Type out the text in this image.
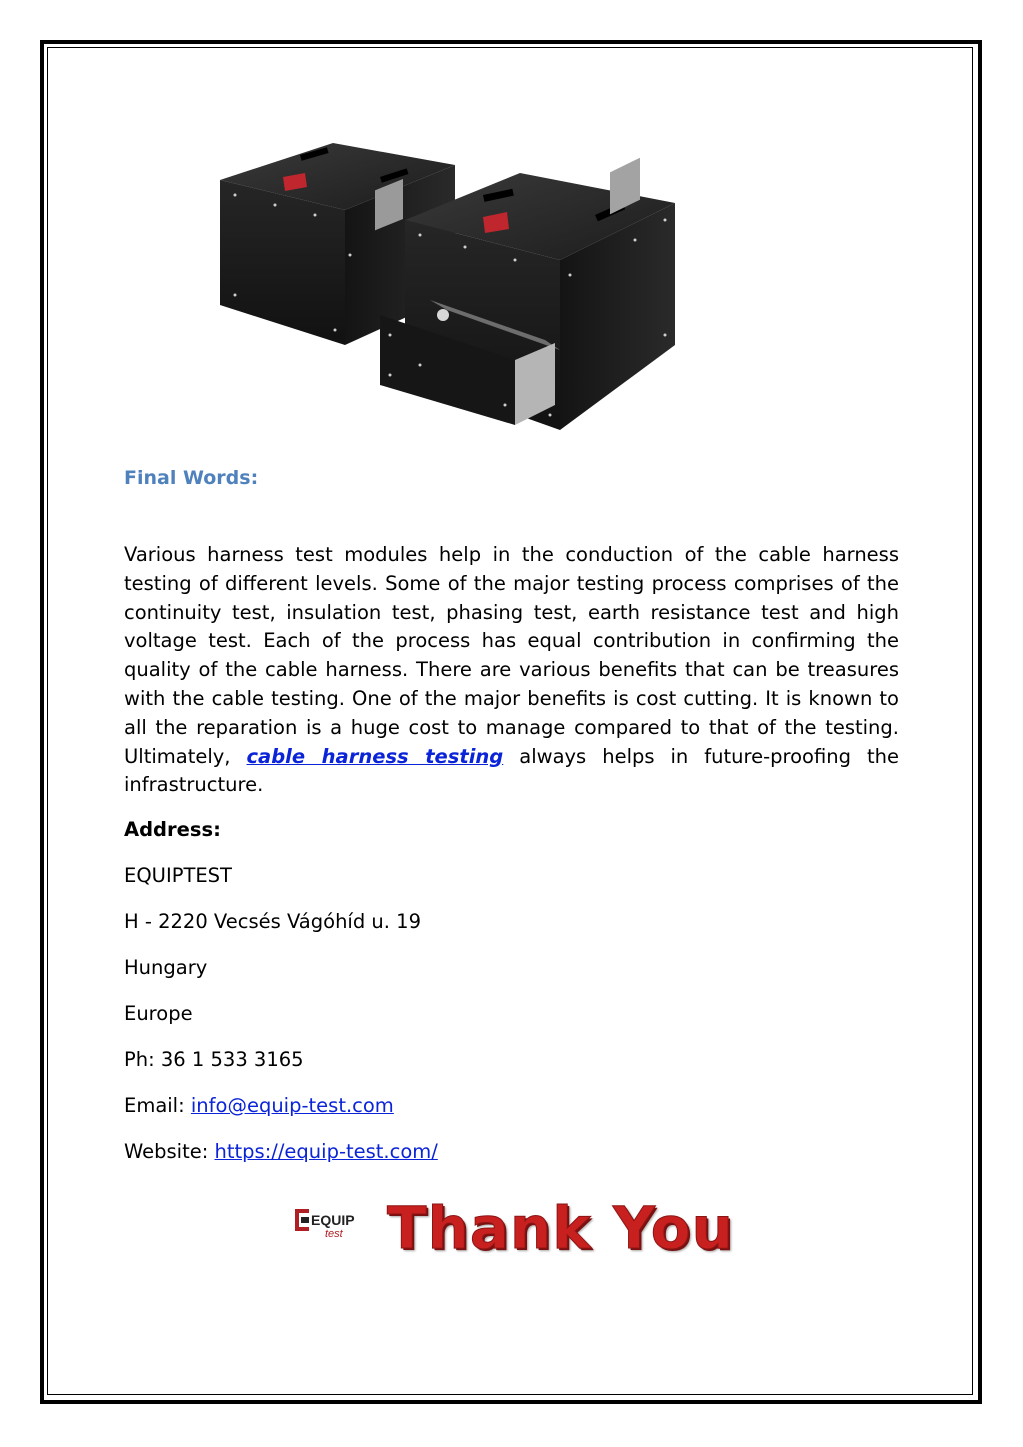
Final Words:

Various harness test modules help in the conduction of the cable harness testing of different levels. Some of the major testing process comprises of the continuity test, insulation test, phasing test, earth resistance test and high voltage test. Each of the process has equal contribution in confirming the quality of the cable harness. There are various benefits that can be treasures with the cable testing. One of the major benefits is cost cutting. It is known to all the reparation is a huge cost to manage compared to that of the testing. Ultimately, cable harness testing always helps in future-proofing the infrastructure.

Address:

EQUIPTEST

H - 2220 Vecsés Vágóhíd u. 19

Hungary

Europe

Ph: 36 1 533 3165

Email: info@equip-test.com

Website: https://equip-test.com/

EQUIP
test Thank You
